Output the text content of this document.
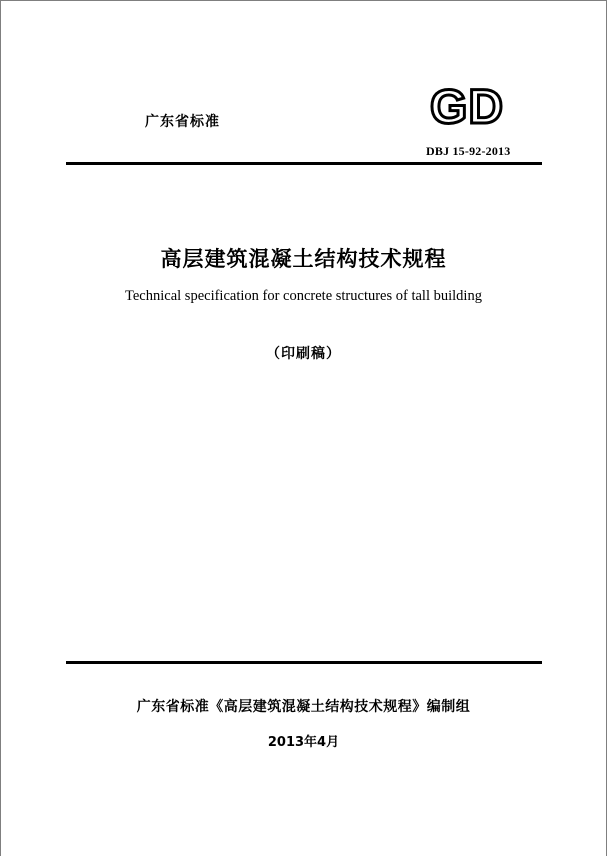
广东省标准	GD
DBJ 15-92-2013
高层建筑混凝土结构技术规程
Technical specification for concrete structures of tall building
（印刷稿）
广东省标准《高层建筑混凝土结构技术规程》编制组
2013年4月
